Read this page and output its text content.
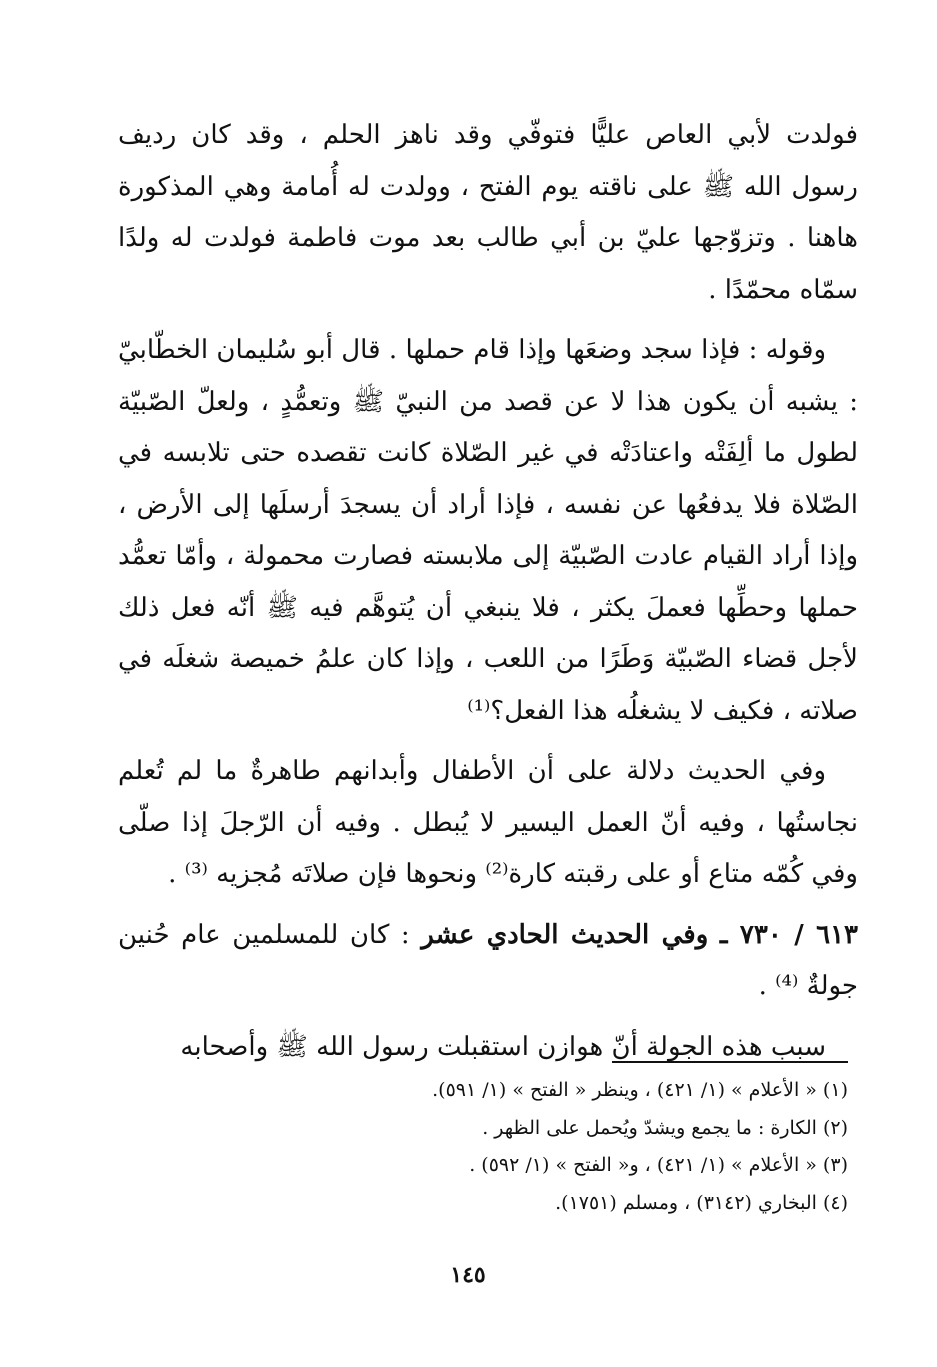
فولدت لأبي العاص عليًّا فتوفّي وقد ناهز الحلم ، وقد كان رديف رسول الله ﷺ على ناقته يوم الفتح ، وولدت له أُمامة وهي المذكورة هاهنا . وتزوّجها عليّ بن أبي طالب بعد موت فاطمة فولدت له ولدًا سمّاه محمّدًا .

وقوله : فإذا سجد وضعَها وإذا قام حملها . قال أبو سُليمان الخطّابيّ : يشبه أن يكون هذا لا عن قصد من النبيّ ﷺ وتعمُّدٍ ، ولعلّ الصّبيّة لطول ما ألِفَتْه واعتادَتْه في غير الصّلاة كانت تقصده حتى تلابسه في الصّلاة فلا يدفعُها عن نفسه ، فإذا أراد أن يسجدَ أرسلَها إلى الأرض ، وإذا أراد القيام عادت الصّبيّة إلى ملابسته فصارت محمولة ، وأمّا تعمُّد حملها وحطِّها فعملَ يكثر ، فلا ينبغي أن يُتوهَّم فيه ﷺ أنّه فعل ذلك لأجل قضاء الصّبيّة وَطَرًا من اللعب ، وإذا كان علمُ خميصة شغلَه في صلاته ، فكيف لا يشغلُه هذا الفعل؟⁽¹⁾

وفي الحديث دلالة على أن الأطفال وأبدانهم طاهرةٌ ما لم تُعلم نجاستُها ، وفيه أنّ العمل اليسير لا يُبطل . وفيه أن الرّجلَ إذا صلّى وفي كُمّه متاع أو على رقبته كارة⁽²⁾ ونحوها فإن صلاتَه مُجزيه ⁽³⁾ .

٦١٣ / ٧٣٠ ـ وفي الحديث الحادي عشر : كان للمسلمين عام حُنين جولةٌ ⁽⁴⁾ .

سبب هذه الجولة أنّ هوازن استقبلت رسول الله ﷺ وأصحابه

(١) « الأعلام » (١/ ٤٢١) ، وينظر « الفتح » (١/ ٥٩١).
(٢) الكارة : ما يجمع ويشدّ ويُحمل على الظهر .
(٣) « الأعلام » (١/ ٤٢١) ، و« الفتح » (١/ ٥٩٢) .
(٤) البخاري (٣١٤٢) ، ومسلم (١٧٥١).
١٤٥
